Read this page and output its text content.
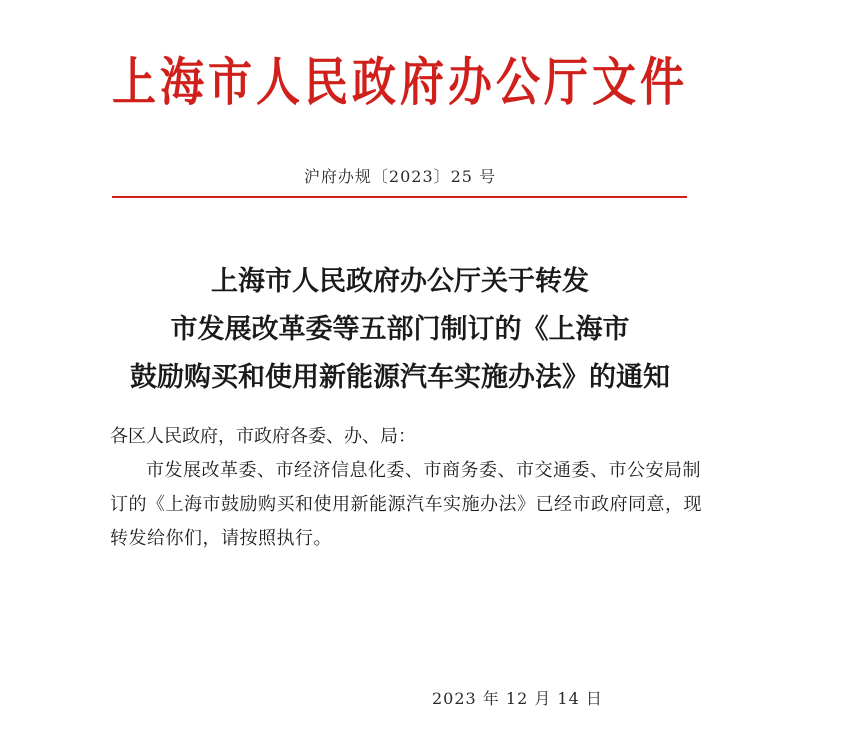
上海市人民政府办公厅文件
沪府办规〔2023〕25 号
上海市人民政府办公厅关于转发
市发展改革委等五部门制订的《上海市
鼓励购买和使用新能源汽车实施办法》的通知

各区人民政府，市政府各委、办、局：

市发展改革委、市经济信息化委、市商务委、市交通委、市公安局制订的《上海市鼓励购买和使用新能源汽车实施办法》已经市政府同意，现转发给你们，请按照执行。

2023 年 12 月 14 日
